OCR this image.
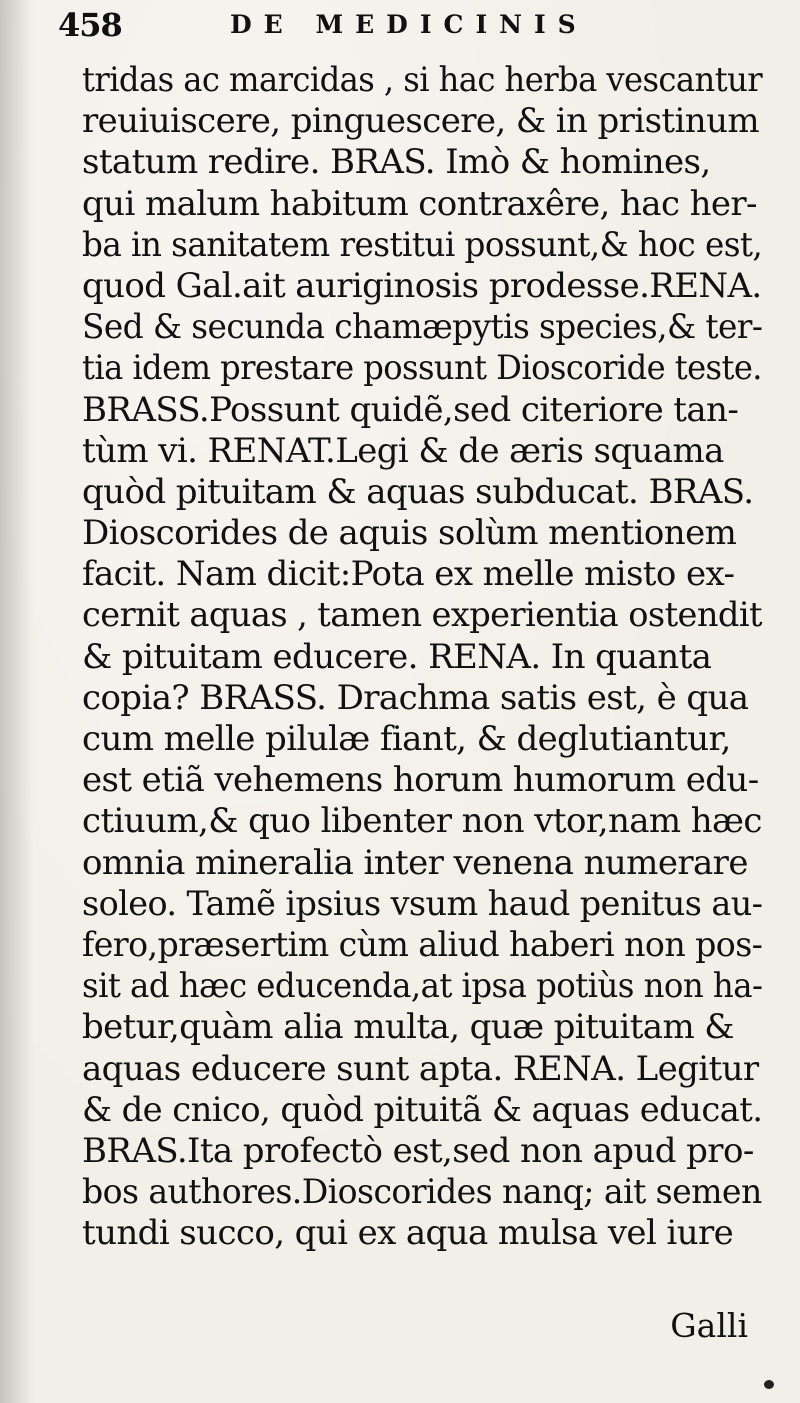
458	DE MEDICINIS
tridas ac marcidas , si hac herba vescantur
reuiuiscere, pinguescere, & in pristinum
statum redire. BRAS. Imò & homines,
qui malum habitum contraxêre, hac her-
ba in sanitatem restitui possunt,& hoc est,
quod Gal.ait auriginosis prodesse.RENA.
Sed & secunda chamæpytis species,& ter-
tia idem prestare possunt Dioscoride teste.
BRASS.Possunt quidẽ,sed citeriore tan-
tùm vi. RENAT.Legi & de æris squama
quòd pituitam & aquas subducat. BRAS.
Dioscorides de aquis solùm mentionem
facit. Nam dicit:Pota ex melle misto ex-
cernit aquas , tamen experientia ostendit
& pituitam educere. RENA. In quanta
copia? BRASS. Drachma satis est, è qua
cum melle pilulæ fiant, & deglutiantur,
est etiã vehemens horum humorum edu-
ctiuum,& quo libenter non vtor,nam hæc
omnia mineralia inter venena numerare
soleo. Tamẽ ipsius vsum haud penitus au-
fero,præsertim cùm aliud haberi non pos-
sit ad hæc educenda,at ipsa potiùs non ha-
betur,quàm alia multa, quæ pituitam &
aquas educere sunt apta. RENA. Legitur
& de cnico, quòd pituitã & aquas educat.
BRAS.Ita profectò est,sed non apud pro-
bos authores.Dioscorides nanq; ait semen
tundi succo, qui ex aqua mulsa vel iure
Galli
